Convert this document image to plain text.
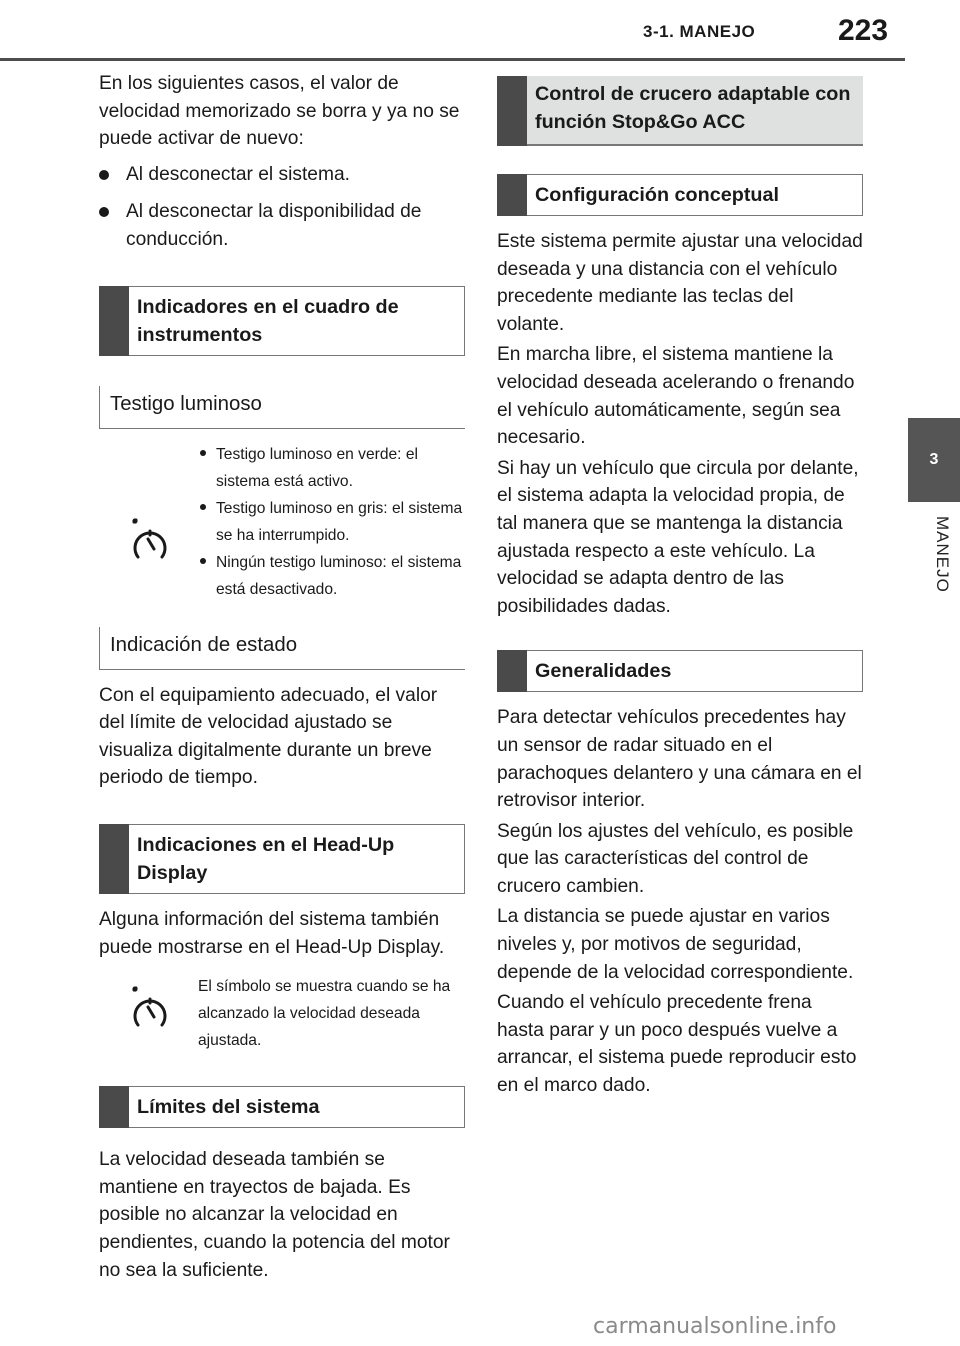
3-1. MANEJO	223
3
MANEJO

En los siguientes casos, el valor de velocidad memorizado se borra y ya no se puede activar de nuevo:

Al desconectar el sistema.
Al desconectar la disponibilidad de conducción.
Indicadores en el cuadro de instrumentos
Testigo luminoso
Testigo luminoso en verde: el sistema está activo.
Testigo luminoso en gris: el sistema se ha interrumpido.
Ningún testigo luminoso: el sistema está desactivado.
Indicación de estado

Con el equipamiento adecuado, el valor del límite de velocidad ajustado se visualiza digitalmente durante un breve periodo de tiempo.

Indicaciones en el Head-Up Display

Alguna información del sistema también puede mostrarse en el Head-Up Display.

El símbolo se muestra cuando se ha alcanzado la velocidad deseada ajustada.
Límites del sistema

La velocidad deseada también se mantiene en trayectos de bajada. Es posible no alcanzar la velocidad en pendientes, cuando la potencia del motor no sea la suficiente.

Control de crucero adaptable con función Stop&Go ACC
Configuración conceptual

Este sistema permite ajustar una velocidad deseada y una distancia con el vehículo precedente mediante las teclas del volante.

En marcha libre, el sistema mantiene la velocidad deseada acelerando o frenando el vehículo automáticamente, según sea necesario.

Si hay un vehículo que circula por delante, el sistema adapta la velocidad propia, de tal manera que se mantenga la distancia ajustada respecto a este vehículo. La velocidad se adapta dentro de las posibilidades dadas.

Generalidades

Para detectar vehículos precedentes hay un sensor de radar situado en el parachoques delantero y una cámara en el retrovisor interior.

Según los ajustes del vehículo, es posible que las características del control de crucero cambien.

La distancia se puede ajustar en varios niveles y, por motivos de seguridad, depende de la velocidad correspondiente.

Cuando el vehículo precedente frena hasta parar y un poco después vuelve a arrancar, el sistema puede reproducir esto en el marco dado.

carmanualsonline.info
